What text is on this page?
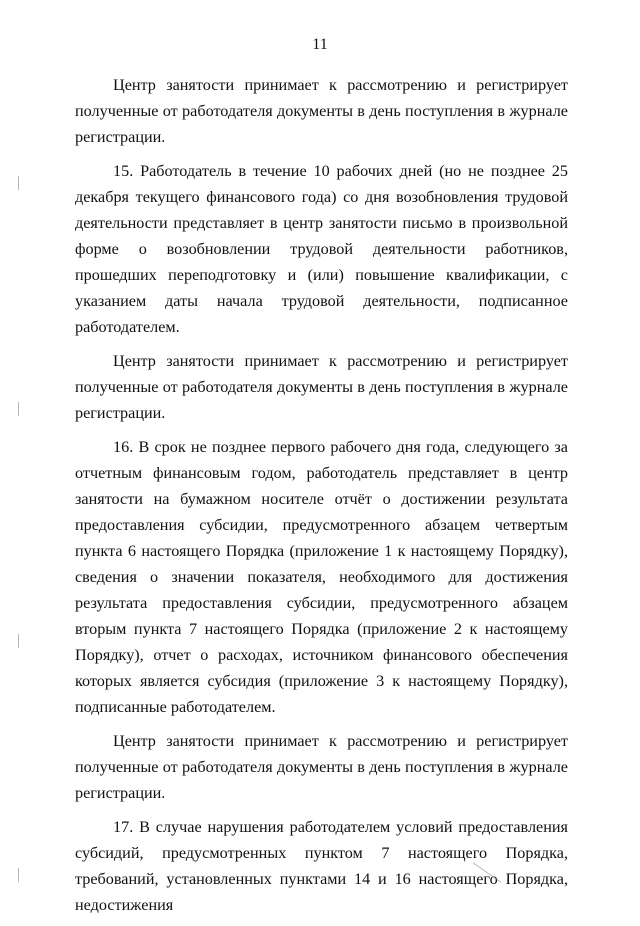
11

Центр занятости принимает к рассмотрению и регистрирует полученные от работодателя документы в день поступления в журнале регистрации.

15. Работодатель в течение 10 рабочих дней (но не позднее 25 декабря текущего финансового года) со дня возобновления трудовой деятельности представляет в центр занятости письмо в произвольной форме о возобновлении трудовой деятельности работников, прошедших переподготовку и (или) повышение квалификации, с указанием даты начала трудовой деятельности, подписанное работодателем.

Центр занятости принимает к рассмотрению и регистрирует полученные от работодателя документы в день поступления в журнале регистрации.

16. В срок не позднее первого рабочего дня года, следующего за отчетным финансовым годом, работодатель представляет в центр занятости на бумажном носителе отчёт о достижении результата предоставления субсидии, предусмотренного абзацем четвертым пункта 6 настоящего Порядка (приложение 1 к настоящему Порядку), сведения о значении показателя, необходимого для достижения результата предоставления субсидии, предусмотренного абзацем вторым пункта 7 настоящего Порядка (приложение 2 к настоящему Порядку), отчет о расходах, источником финансового обеспечения которых является субсидия (приложение 3 к настоящему Порядку), подписанные работодателем.

Центр занятости принимает к рассмотрению и регистрирует полученные от работодателя документы в день поступления в журнале регистрации.

17. В случае нарушения работодателем условий предоставления субсидий, предусмотренных пунктом 7 настоящего Порядка, требований, установленных пунктами 14 и 16 настоящего Порядка, недостижения
